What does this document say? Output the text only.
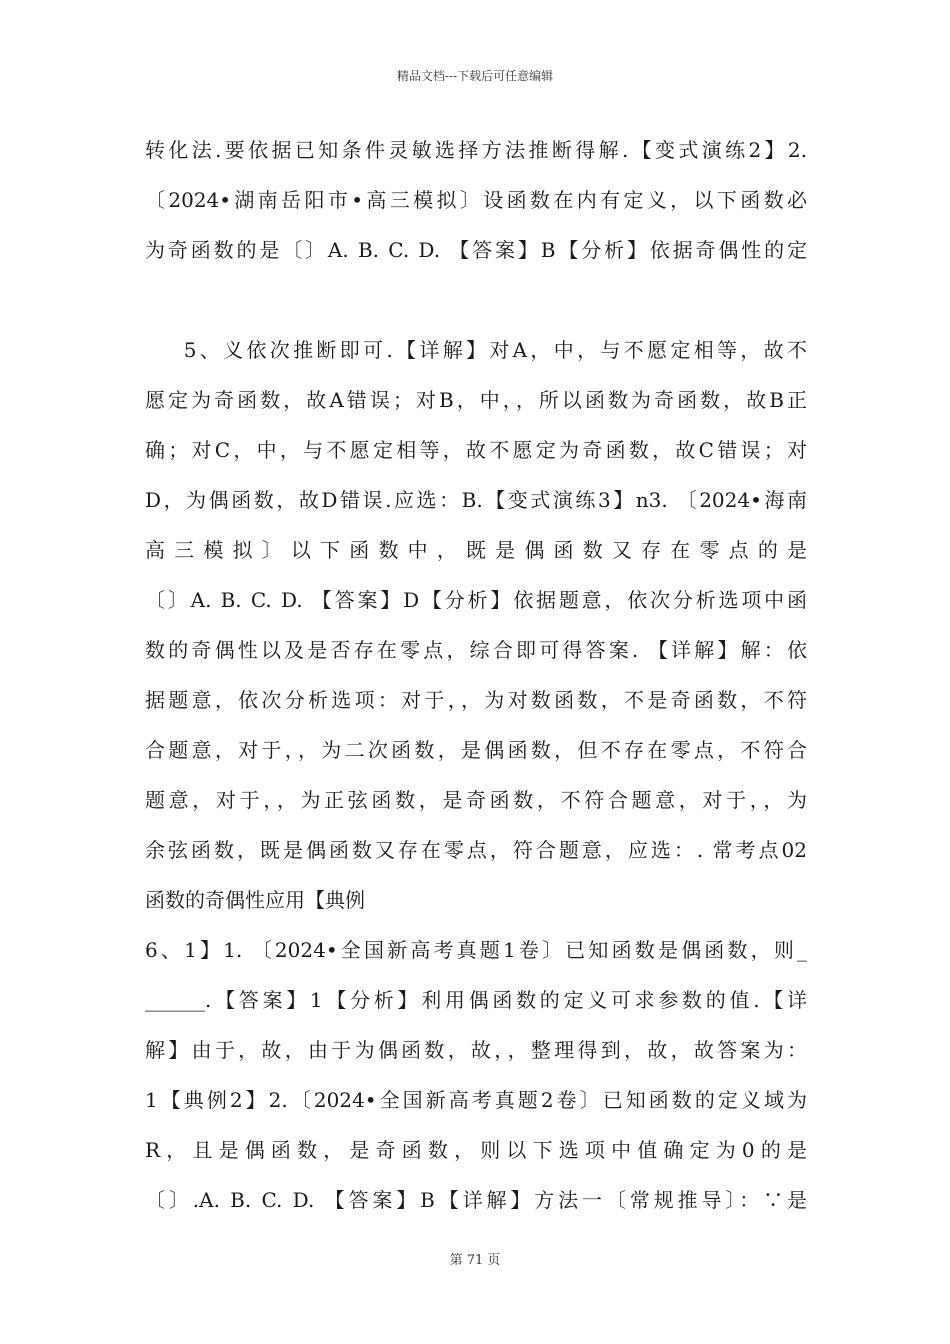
精品文档---下载后可任意编辑
转化法.要依据已知条件灵敏选择方法推断得解.【变式演练2】2.
〔2024•湖南岳阳市•高三模拟〕设函数在内有定义，以下函数必
为奇函数的是〔〕A. B. C. D. 【答案】B【分析】依据奇偶性的定
5、义依次推断即可.【详解】对A，中，与不愿定相等，故不
愿定为奇函数，故A错误；对B，中，，所以函数为奇函数，故B正
确；对C，中，与不愿定相等，故不愿定为奇函数，故C错误；对
D，为偶函数，故D错误.应选：B.【变式演练3】n3. 〔2024•海南
高三模拟〕以下函数中，既是偶函数又存在零点的是
〔〕A. B. C. D. 【答案】D【分析】依据题意，依次分析选项中函
数的奇偶性以及是否存在零点，综合即可得答案. 【详解】解：依
据题意，依次分析选项：对于，，为对数函数，不是奇函数，不符
合题意，对于，，为二次函数，是偶函数，但不存在零点，不符合
题意，对于，，为正弦函数，是奇函数，不符合题意，对于，，为
余弦函数，既是偶函数又存在零点，符合题意，应选：. 常考点02
函数的奇偶性应用【典例
6、1】1. 〔2024•全国新高考真题1卷〕已知函数是偶函数，则_
______.【答案】1【分析】利用偶函数的定义可求参数的值.【详
解】由于，故，由于为偶函数，故，，整理得到，故，故答案为：
1【典例2】2.〔2024•全国新高考真题2卷〕已知函数的定义域为
R，且是偶函数，是奇函数，则以下选项中值确定为0的是
〔〕.A. B. C. D. 【答案】B【详解】方法一〔常规推导〕：∵是
第 71 页
